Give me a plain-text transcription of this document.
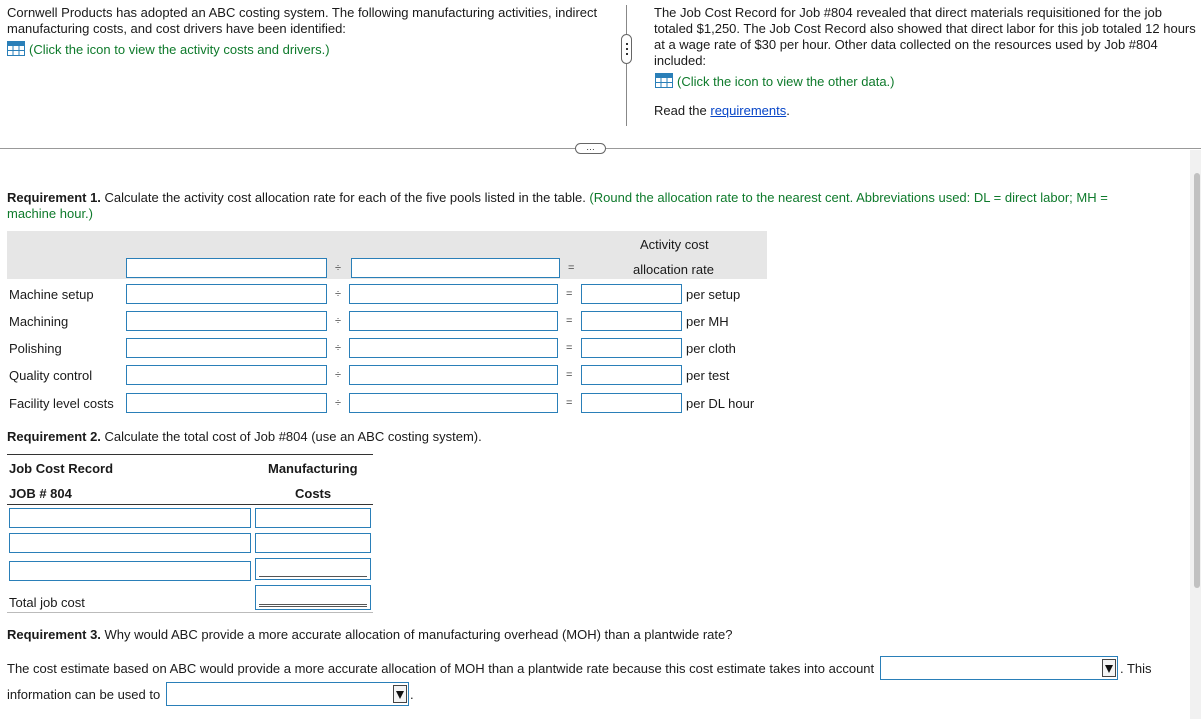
Cornwell Products has adopted an ABC costing system. The following manufacturing activities, indirect manufacturing costs, and cost drivers have been identified:
(Click the icon to view the activity costs and drivers.)
The Job Cost Record for Job #804 revealed that direct materials requisitioned for the job totaled $1,250. The Job Cost Record also showed that direct labor for this job totaled 12 hours at a wage rate of $30 per hour. Other data collected on the resources used by Job #804 included:
(Click the icon to view the other data.)
Read the requirements.
…
Requirement 1. Calculate the activity cost allocation rate for each of the five pools listed in the table. (Round the allocation rate to the nearest cent. Abbreviations used: DL = direct labor; MH = machine hour.)
Activity cost
allocation rate
÷	=
Machine setup	÷	=	per setup
Machining	÷	=	per MH
Polishing	÷	=	per cloth
Quality control	÷	=	per test
Facility level costs	÷	=	per DL hour
Requirement 2. Calculate the total cost of Job #804 (use an ABC costing system).
Job Cost Record	Manufacturing
JOB # 804	Costs
Total job cost
Requirement 3. Why would ABC provide a more accurate allocation of manufacturing overhead (MOH) than a plantwide rate?
The cost estimate based on ABC would provide a more accurate allocation of MOH than a plantwide rate because this cost estimate takes into account	. This
information can be used to	.
